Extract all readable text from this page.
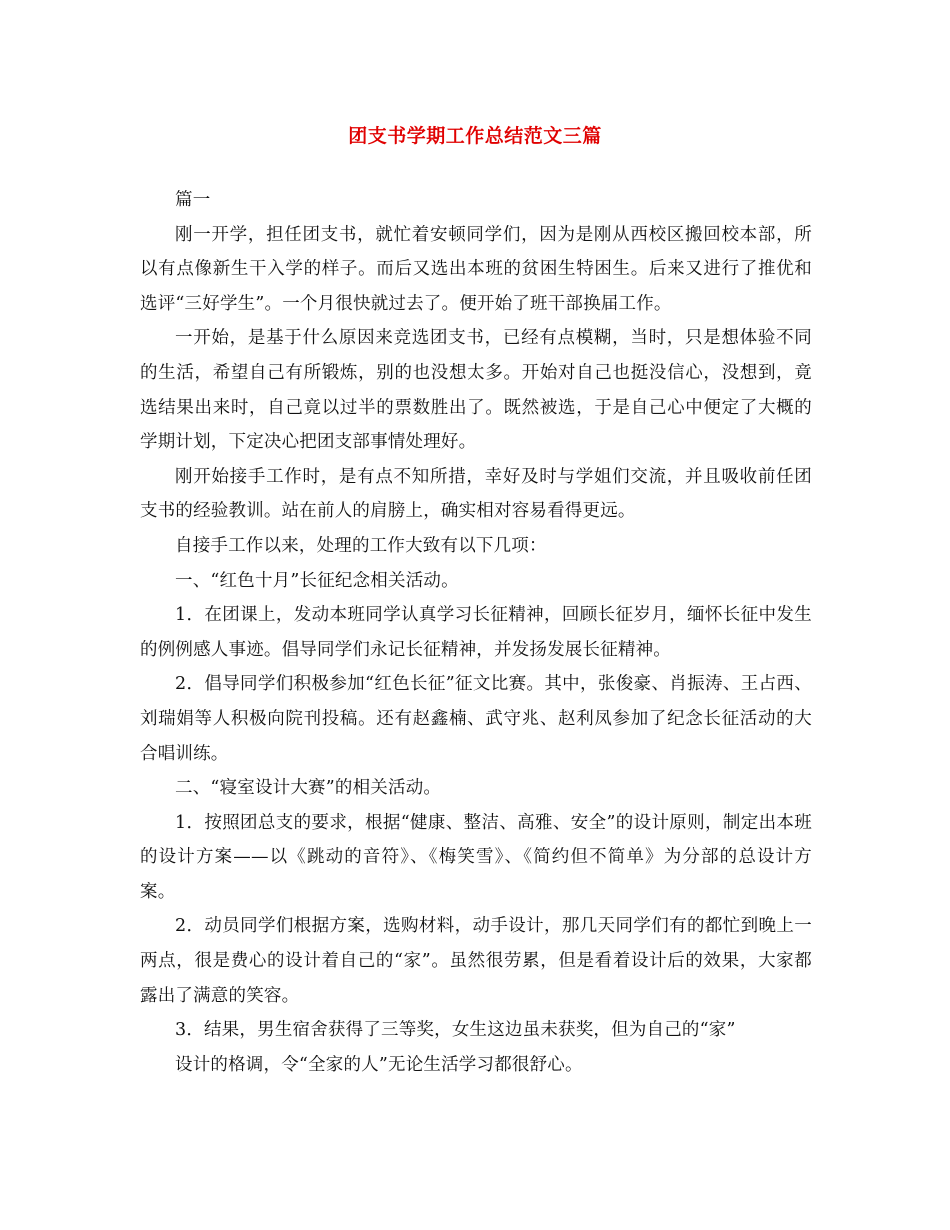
团支书学期工作总结范文三篇

篇一

刚一开学，担任团支书，就忙着安顿同学们，因为是刚从西校区搬回校本部，所以有点像新生干入学的样子。而后又选出本班的贫困生特困生。后来又进行了推优和选评“三好学生”。一个月很快就过去了。便开始了班干部换届工作。

一开始，是基于什么原因来竞选团支书，已经有点模糊，当时，只是想体验不同的生活，希望自己有所锻炼，别的也没想太多。开始对自己也挺没信心，没想到，竟选结果出来时，自己竟以过半的票数胜出了。既然被选，于是自己心中便定了大概的学期计划，下定决心把团支部事情处理好。

刚开始接手工作时，是有点不知所措，幸好及时与学姐们交流，并且吸收前任团支书的经验教训。站在前人的肩膀上，确实相对容易看得更远。

自接手工作以来，处理的工作大致有以下几项：

一、“红色十月”长征纪念相关活动。

1．在团课上，发动本班同学认真学习长征精神，回顾长征岁月，缅怀长征中发生的例例感人事迹。倡导同学们永记长征精神，并发扬发展长征精神。

2．倡导同学们积极参加“红色长征”征文比赛。其中，张俊豪、肖振涛、王占西、刘瑞娟等人积极向院刊投稿。还有赵鑫楠、武守兆、赵利凤参加了纪念长征活动的大合唱训练。

二、“寝室设计大赛”的相关活动。

1．按照团总支的要求，根据“健康、整洁、高雅、安全”的设计原则，制定出本班的设计方案——以《跳动的音符》、《梅笑雪》、《简约但不简单》为分部的总设计方案。

2．动员同学们根据方案，选购材料，动手设计，那几天同学们有的都忙到晚上一两点，很是费心的设计着自己的“家”。虽然很劳累，但是看着设计后的效果，大家都露出了满意的笑容。

3．结果，男生宿舍获得了三等奖，女生这边虽未获奖，但为自己的“家”

设计的格调，令“全家的人”无论生活学习都很舒心。
